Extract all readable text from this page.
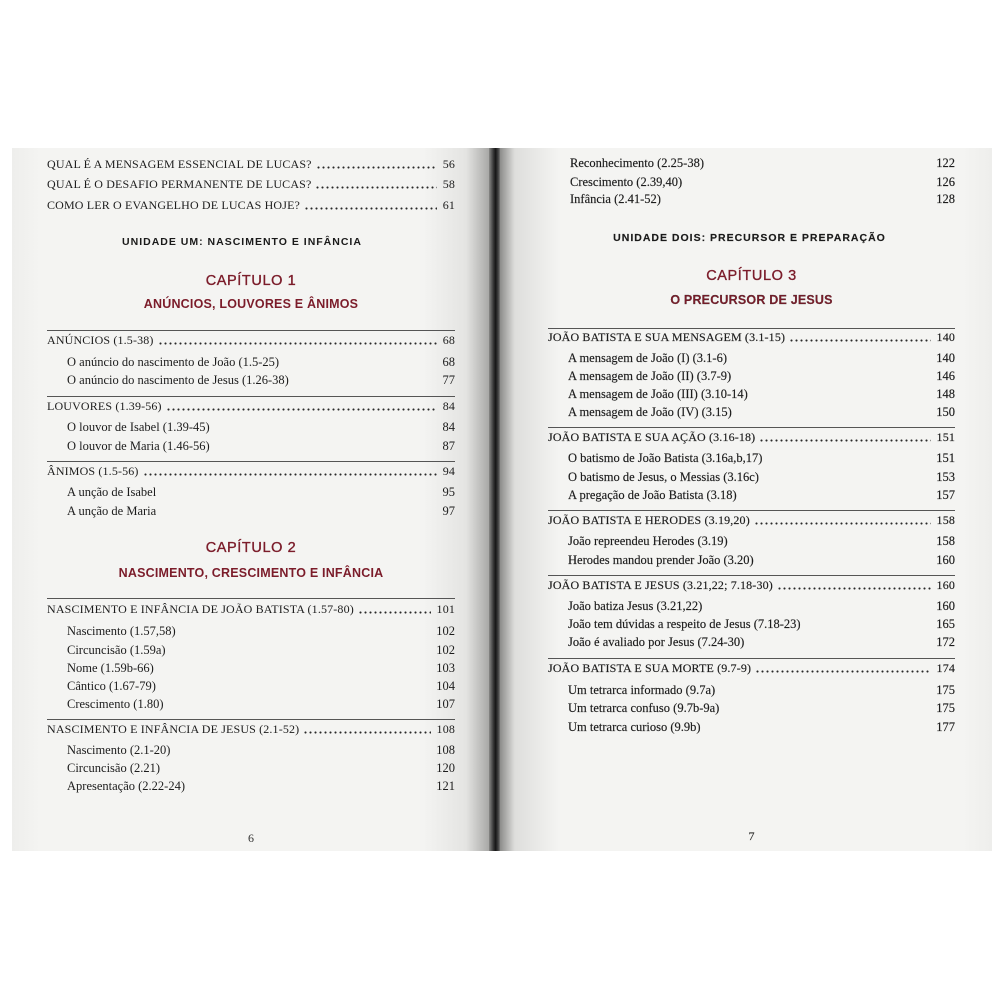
QUAL É A MENSAGEM ESSENCIAL DE LUCAS?	56
QUAL É O DESAFIO PERMANENTE DE LUCAS?	58
COMO LER O EVANGELHO DE LUCAS HOJE?	61
UNIDADE UM: NASCIMENTO E INFÂNCIA
CAPÍTULO 1
ANÚNCIOS, LOUVORES E ÂNIMOS
ANÚNCIOS (1.5-38)	68
O anúncio do nascimento de João (1.5-25)	68
O anúncio do nascimento de Jesus (1.26-38)	77
LOUVORES (1.39-56)	84
O louvor de Isabel (1.39-45)	84
O louvor de Maria (1.46-56)	87
ÂNIMOS (1.5-56)	94
A unção de Isabel	95
A unção de Maria	97
CAPÍTULO 2
NASCIMENTO, CRESCIMENTO E INFÂNCIA
NASCIMENTO E INFÂNCIA DE JOÃO BATISTA (1.57-80)	101
Nascimento (1.57,58)	102
Circuncisão (1.59a)	102
Nome (1.59b-66)	103
Cântico (1.67-79)	104
Crescimento (1.80)	107
NASCIMENTO E INFÂNCIA DE JESUS (2.1-52)	108
Nascimento (2.1-20)	108
Circuncisão (2.21)	120
Apresentação (2.22-24)	121
6
Reconhecimento (2.25-38)	122
Crescimento (2.39,40)	126
Infância (2.41-52)	128
UNIDADE DOIS: PRECURSOR E PREPARAÇÃO
CAPÍTULO 3
O PRECURSOR DE JESUS
JOÃO BATISTA E SUA MENSAGEM (3.1-15)	140
A mensagem de João (I) (3.1-6)	140
A mensagem de João (II) (3.7-9)	146
A mensagem de João (III) (3.10-14)	148
A mensagem de João (IV) (3.15)	150
JOÃO BATISTA E SUA AÇÃO (3.16-18)	151
O batismo de João Batista (3.16a,b,17)	151
O batismo de Jesus, o Messias (3.16c)	153
A pregação de João Batista (3.18)	157
JOÃO BATISTA E HERODES (3.19,20)	158
João repreendeu Herodes (3.19)	158
Herodes mandou prender João (3.20)	160
JOÃO BATISTA E JESUS (3.21,22; 7.18-30)	160
João batiza Jesus (3.21,22)	160
João tem dúvidas a respeito de Jesus (7.18-23)	165
João é avaliado por Jesus (7.24-30)	172
JOÃO BATISTA E SUA MORTE (9.7-9)	174
Um tetrarca informado (9.7a)	175
Um tetrarca confuso (9.7b-9a)	175
Um tetrarca curioso (9.9b)	177
7
